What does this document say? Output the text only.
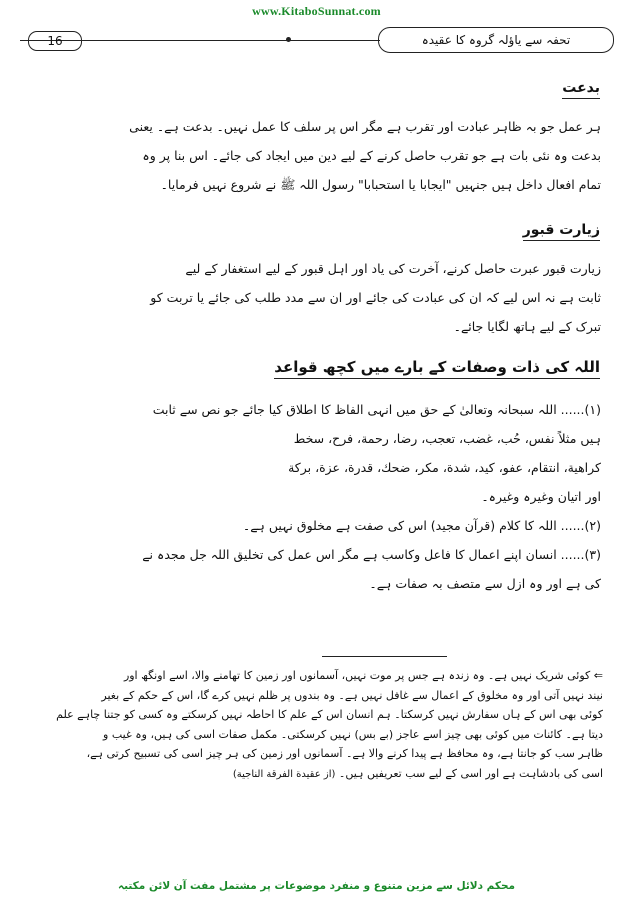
www.KitaboSunnat.com
16	تحفہ سے یاؤلہ گروہ کا عقیدہ
بدعت
ہر عمل جو بہ ظاہر عبادت اور تقرب ہے مگر اس پر سلف کا عمل نہیں۔ بدعت ہے۔ یعنی
بدعت وہ نئی بات ہے جو تقرب حاصل کرنے کے لیے دین میں ایجاد کی جائے۔ اس بنا پر وہ
تمام افعال داخل ہیں جنہیں "ایجابا یا استحبابا" رسول اللہ ﷺ نے شروع نہیں فرمایا۔
زیارت قبور
زیارت قبور عبرت حاصل کرنے، آخرت کی یاد اور اہل قبور کے لیے استغفار کے لیے
ثابت ہے نہ اس لیے کہ ان کی عبادت کی جائے اور ان سے مدد طلب کی جائے یا تربت کو
تبرک کے لیے ہاتھ لگایا جائے۔
اللہ کی ذات وصفات کے بارے میں کچھ قواعد
(۱)...... اللہ سبحانہ وتعالیٰ کے حق میں انہی الفاظ کا اطلاق کیا جائے جو نص سے ثابت
ہیں مثلاً نفس، حُب، غضب، تعجب، رضا، رحمة، فرح، سخط
کراهية، انتقام، عفو، کید، شدة، مکر، ضحك، قدرة، عزة، برکة
اور اتیان وغیرہ وغیرہ۔
(۲)...... اللہ کا کلام (قرآن مجید) اس کی صفت ہے مخلوق نہیں ہے۔
(۳)...... انسان اپنے اعمال کا فاعل وکاسب ہے مگر اس عمل کی تخلیق اللہ جل مجدہ نے
کی ہے اور وہ ازل سے متصف بہ صفات ہے۔
⇐ کوئی شریک نہیں ہے۔ وہ زندہ ہے جس پر موت نہیں، آسمانوں اور زمین کا تھامنے والا، اسے اونگھ اور
نیند نہیں آتی اور وہ مخلوق کے اعمال سے غافل نہیں ہے۔ وہ بندوں پر ظلم نہیں کرے گا، اس کے حکم کے بغیر
کوئی بھی اس کے ہاں سفارش نہیں کرسکتا۔ ہم انسان اس کے علم کا احاطہ نہیں کرسکتے وہ کسی کو جتنا چاہے علم
دیتا ہے۔ کائنات میں کوئی بھی چیز اسے عاجز (بے بس) نہیں کرسکتی۔ مکمل صفات اسی کی ہیں، وہ غیب و
ظاہر سب کو جانتا ہے، وہ محافظ ہے پیدا کرنے والا ہے۔ آسمانوں اور زمین کی ہر چیز اسی کی تسبیح کرتی ہے،
اسی کی بادشاہت ہے اور اسی کے لیے سب تعریفیں ہیں۔ (از عقیدة الفرقة الناجیة)
محکم دلائل سے مزین متنوع و منفرد موضوعات پر مشتمل مفت آن لائن مکتبہ
